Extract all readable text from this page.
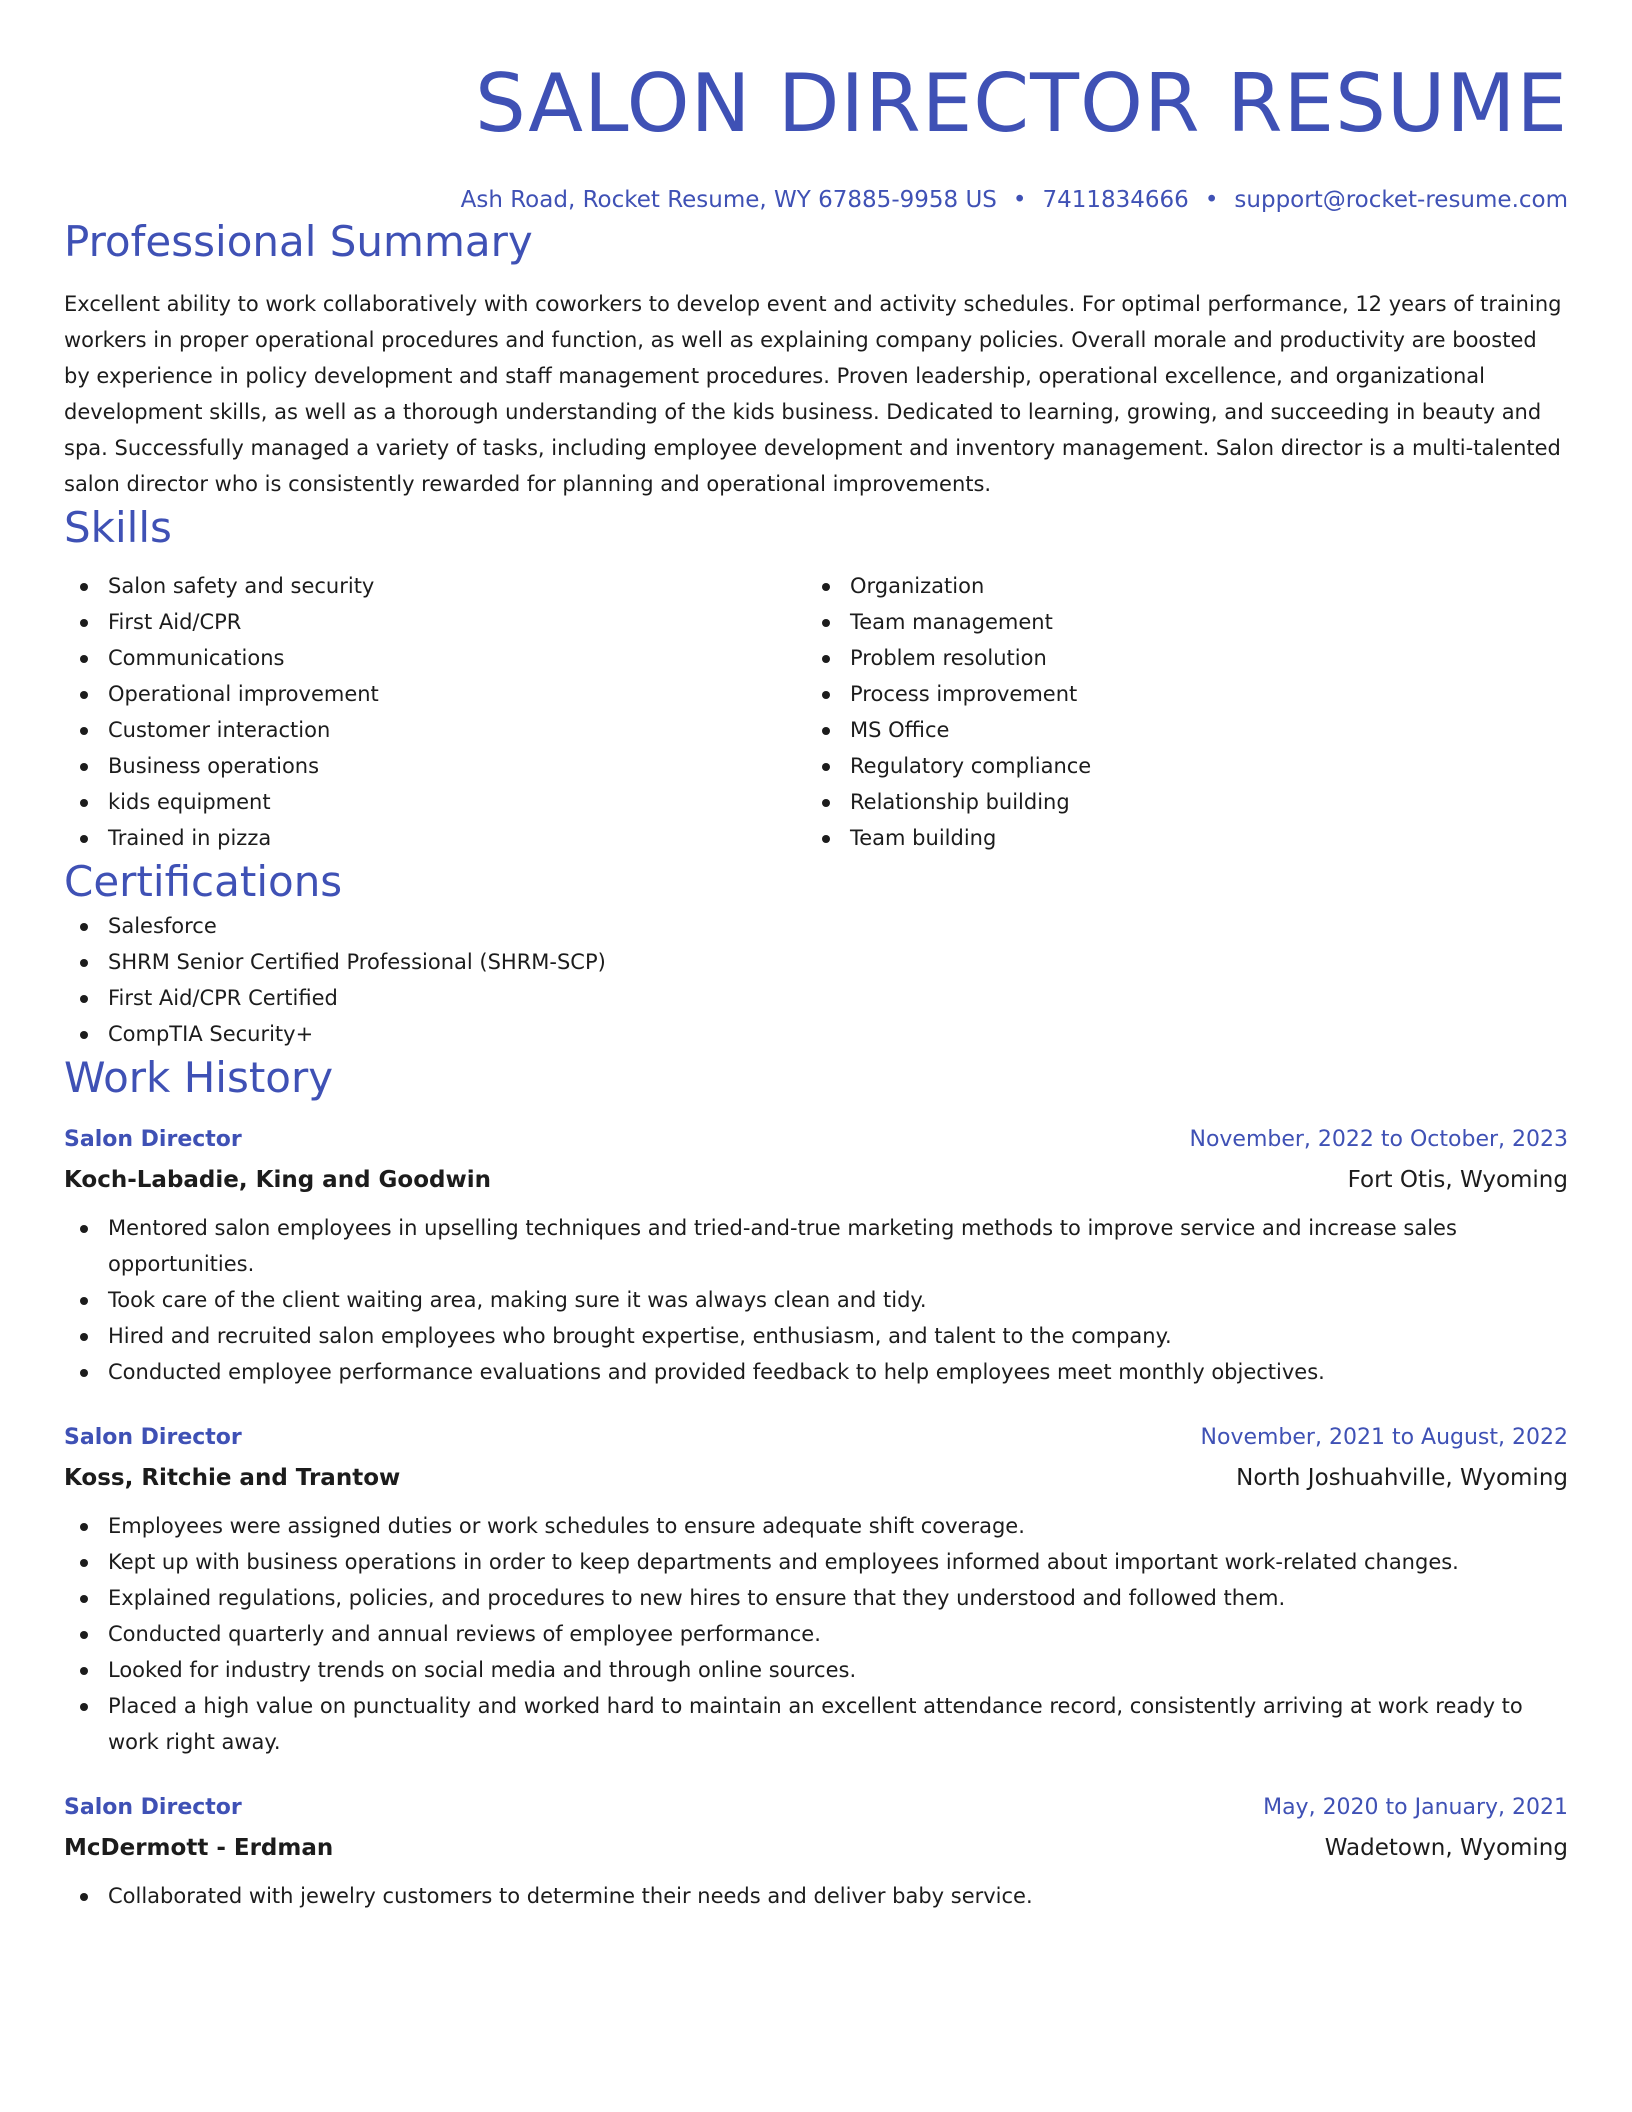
SALON DIRECTOR RESUME
Ash Road, Rocket Resume, WY 67885-9958 US • 7411834666 • support@rocket-resume.com
Professional Summary

Excellent ability to work collaboratively with coworkers to develop event and activity schedules. For optimal performance, 12 years of training workers in proper operational procedures and function, as well as explaining company policies. Overall morale and productivity are boosted by experience in policy development and staff management procedures. Proven leadership, operational excellence, and organizational development skills, as well as a thorough understanding of the kids business. Dedicated to learning, growing, and succeeding in beauty and spa. Successfully managed a variety of tasks, including employee development and inventory management. Salon director is a multi-talented salon director who is consistently rewarded for planning and operational improvements.

Skills
Salon safety and security
First Aid/CPR
Communications
Operational improvement
Customer interaction
Business operations
kids equipment
Trained in pizza
Organization
Team management
Problem resolution
Process improvement
MS Office
Regulatory compliance
Relationship building
Team building
Certifications
Salesforce
SHRM Senior Certified Professional (SHRM-SCP)
First Aid/CPR Certified
CompTIA Security+
Work History
Salon Director	November, 2022 to October, 2023
Koch-Labadie, King and Goodwin	Fort Otis, Wyoming
Mentored salon employees in upselling techniques and tried-and-true marketing methods to improve service and increase sales opportunities.
Took care of the client waiting area, making sure it was always clean and tidy.
Hired and recruited salon employees who brought expertise, enthusiasm, and talent to the company.
Conducted employee performance evaluations and provided feedback to help employees meet monthly objectives.
Salon Director	November, 2021 to August, 2022
Koss, Ritchie and Trantow	North Joshuahville, Wyoming
Employees were assigned duties or work schedules to ensure adequate shift coverage.
Kept up with business operations in order to keep departments and employees informed about important work-related changes.
Explained regulations, policies, and procedures to new hires to ensure that they understood and followed them.
Conducted quarterly and annual reviews of employee performance.
Looked for industry trends on social media and through online sources.
Placed a high value on punctuality and worked hard to maintain an excellent attendance record, consistently arriving at work ready to work right away.
Salon Director	May, 2020 to January, 2021
McDermott - Erdman	Wadetown, Wyoming
Collaborated with jewelry customers to determine their needs and deliver baby service.
